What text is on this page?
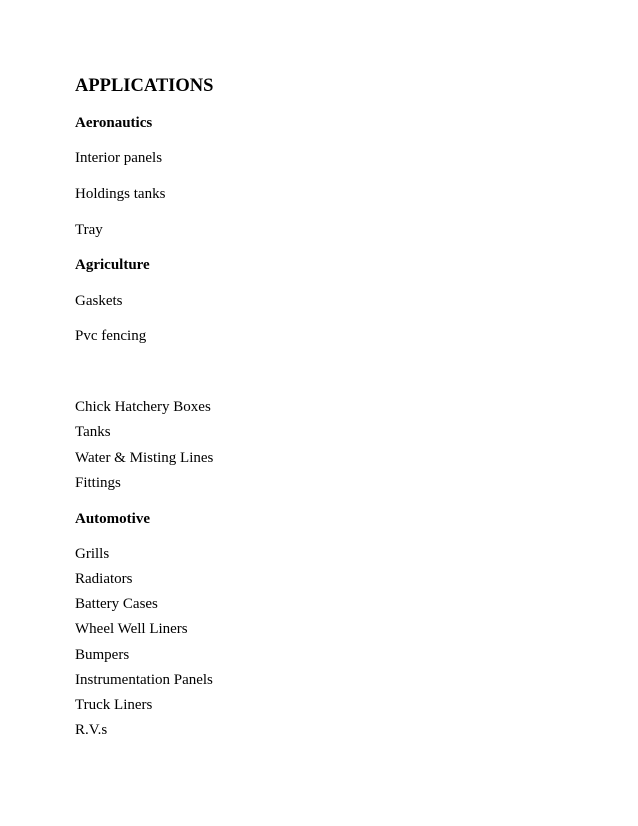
APPLICATIONS
Aeronautics
Interior panels
Holdings tanks
Tray
Agriculture
Gaskets
Pvc fencing
Chick Hatchery Boxes
Tanks
Water & Misting Lines
Fittings
Automotive
Grills
Radiators
Battery Cases
Wheel Well Liners
Bumpers
Instrumentation Panels
Truck Liners
R.V.s
